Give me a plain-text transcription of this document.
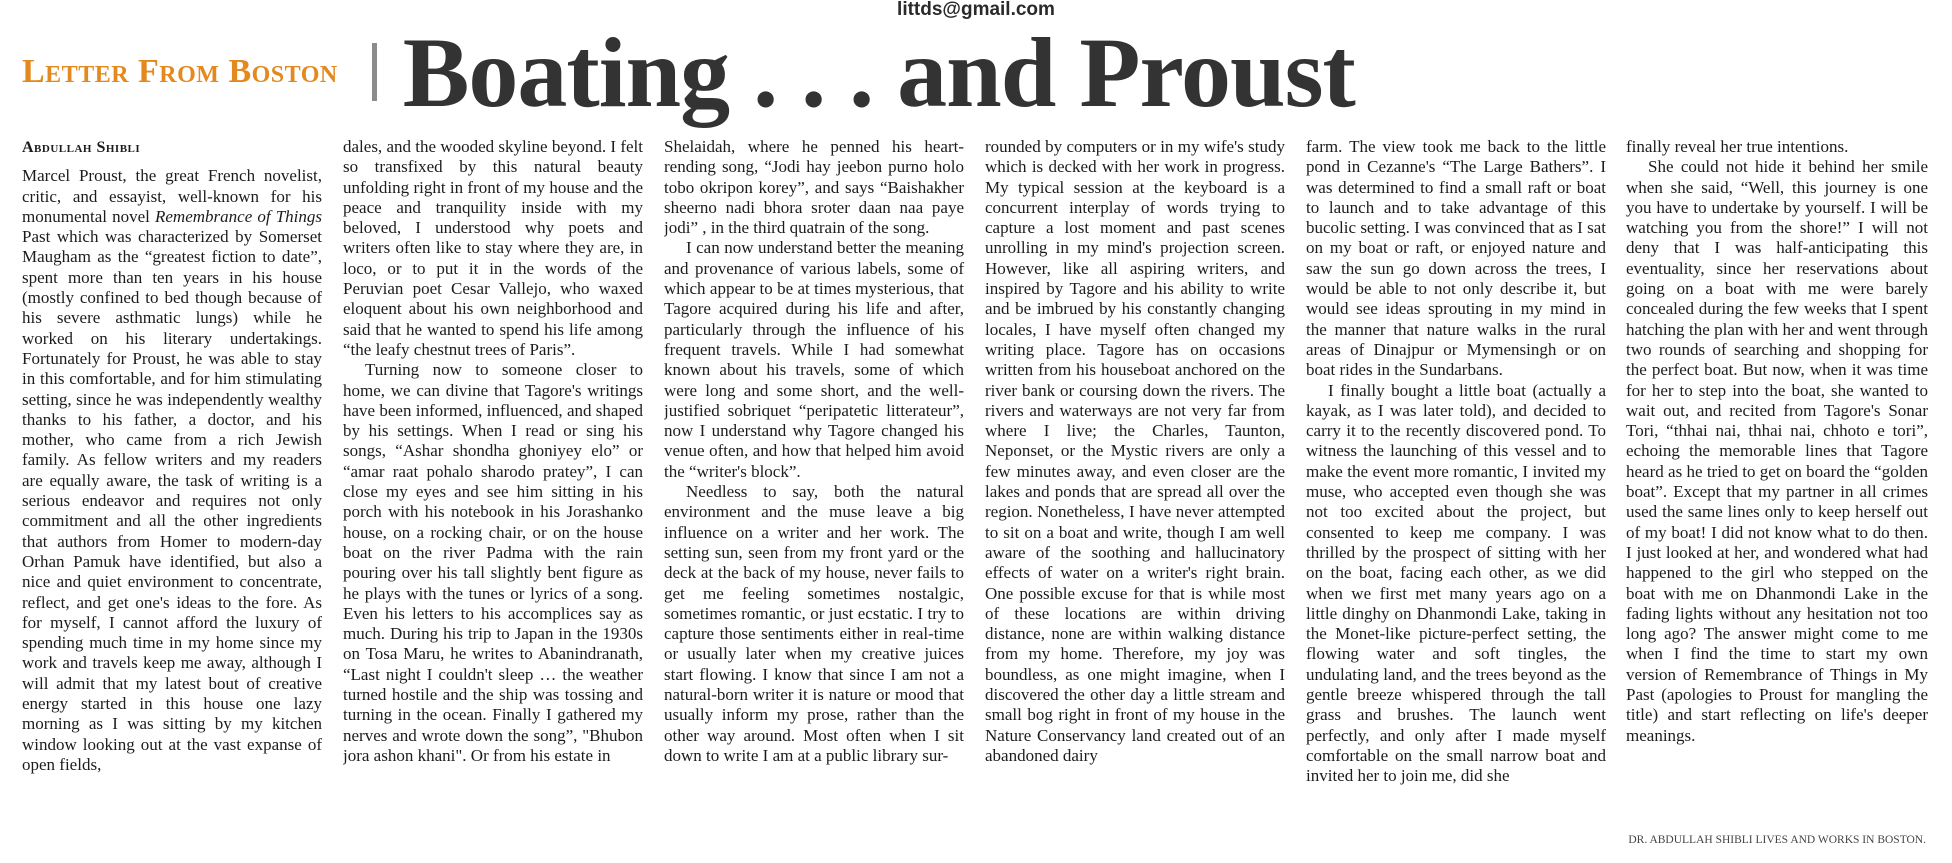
littds@gmail.com
Letter From Boston Boating . . . and Proust

Abdullah Shibli

Marcel Proust, the great French novelist, critic, and essayist, well-known for his monumental novel Remembrance of Things Past which was characterized by Somerset Maugham as the “greatest fiction to date”, spent more than ten years in his house (mostly confined to bed though because of his severe asthmatic lungs) while he worked on his literary undertakings. Fortunately for Proust, he was able to stay in this comfortable, and for him stimulating setting, since he was independently wealthy thanks to his father, a doctor, and his mother, who came from a rich Jewish family. As fellow writers and my readers are equally aware, the task of writing is a serious endeavor and requires not only commitment and all the other ingredients that authors from Homer to modern-day Orhan Pamuk have identified, but also a nice and quiet environment to concentrate, reflect, and get one's ideas to the fore. As for myself, I cannot afford the luxury of spending much time in my home since my work and travels keep me away, although I will admit that my latest bout of creative energy started in this house one lazy morning as I was sitting by my kitchen window looking out at the vast expanse of open fields,

dales, and the wooded skyline beyond. I felt so transfixed by this natural beauty unfolding right in front of my house and the peace and tranquility inside with my beloved, I understood why poets and writers often like to stay where they are, in loco, or to put it in the words of the Peruvian poet Cesar Vallejo, who waxed eloquent about his own neighborhood and said that he wanted to spend his life among “the leafy chestnut trees of Paris”.

Turning now to someone closer to home, we can divine that Tagore's writings have been informed, influenced, and shaped by his settings. When I read or sing his songs, “Ashar shondha ghoniyey elo” or “amar raat pohalo sharodo pratey”, I can close my eyes and see him sitting in his porch with his notebook in his Jorashanko house, on a rocking chair, or on the house boat on the river Padma with the rain pouring over his tall slightly bent figure as he plays with the tunes or lyrics of a song. Even his letters to his accomplices say as much. During his trip to Japan in the 1930s on Tosa Maru, he writes to Abanindranath, “Last night I couldn't sleep … the weather turned hostile and the ship was tossing and turning in the ocean. Finally I gathered my nerves and wrote down the song”, "Bhubon jora ashon khani". Or from his estate in

Shelaidah, where he penned his heart-rending song, “Jodi hay jeebon purno holo tobo okripon korey”, and says “Baishakher sheerno nadi bhora sroter daan naa paye jodi” , in the third quatrain of the song.

I can now understand better the meaning and provenance of various labels, some of which appear to be at times mysterious, that Tagore acquired during his life and after, particularly through the influence of his frequent travels. While I had somewhat known about his travels, some of which were long and some short, and the well-justified sobriquet “peripatetic litterateur”, now I understand why Tagore changed his venue often, and how that helped him avoid the “writer's block”.

Needless to say, both the natural environment and the muse leave a big influence on a writer and her work. The setting sun, seen from my front yard or the deck at the back of my house, never fails to get me feeling sometimes nostalgic, sometimes romantic, or just ecstatic. I try to capture those sentiments either in real-time or usually later when my creative juices start flowing. I know that since I am not a natural-born writer it is nature or mood that usually inform my prose, rather than the other way around. Most often when I sit down to write I am at a public library sur-

rounded by computers or in my wife's study which is decked with her work in progress. My typical session at the keyboard is a concurrent interplay of words trying to capture a lost moment and past scenes unrolling in my mind's projection screen. However, like all aspiring writers, and inspired by Tagore and his ability to write and be imbrued by his constantly changing locales, I have myself often changed my writing place. Tagore has on occasions written from his houseboat anchored on the river bank or coursing down the rivers. The rivers and waterways are not very far from where I live; the Charles, Taunton, Neponset, or the Mystic rivers are only a few minutes away, and even closer are the lakes and ponds that are spread all over the region. Nonetheless, I have never attempted to sit on a boat and write, though I am well aware of the soothing and hallucinatory effects of water on a writer's right brain. One possible excuse for that is while most of these locations are within driving distance, none are within walking distance from my home. Therefore, my joy was boundless, as one might imagine, when I discovered the other day a little stream and small bog right in front of my house in the Nature Conservancy land created out of an abandoned dairy

farm. The view took me back to the little pond in Cezanne's “The Large Bathers”. I was determined to find a small raft or boat to launch and to take advantage of this bucolic setting. I was convinced that as I sat on my boat or raft, or enjoyed nature and saw the sun go down across the trees, I would be able to not only describe it, but would see ideas sprouting in my mind in the manner that nature walks in the rural areas of Dinajpur or Mymensingh or on boat rides in the Sundarbans.

I finally bought a little boat (actually a kayak, as I was later told), and decided to carry it to the recently discovered pond. To witness the launching of this vessel and to make the event more romantic, I invited my muse, who accepted even though she was not too excited about the project, but consented to keep me company. I was thrilled by the prospect of sitting with her on the boat, facing each other, as we did when we first met many years ago on a little dinghy on Dhanmondi Lake, taking in the Monet-like picture-perfect setting, the flowing water and soft tingles, the undulating land, and the trees beyond as the gentle breeze whispered through the tall grass and brushes. The launch went perfectly, and only after I made myself comfortable on the small narrow boat and invited her to join me, did she

finally reveal her true intentions.

She could not hide it behind her smile when she said, “Well, this journey is one you have to undertake by yourself. I will be watching you from the shore!” I will not deny that I was half-anticipating this eventuality, since her reservations about going on a boat with me were barely concealed during the few weeks that I spent hatching the plan with her and went through two rounds of searching and shopping for the perfect boat. But now, when it was time for her to step into the boat, she wanted to wait out, and recited from Tagore's Sonar Tori, “thhai nai, thhai nai, chhoto e tori”, echoing the memorable lines that Tagore heard as he tried to get on board the “golden boat”. Except that my partner in all crimes used the same lines only to keep herself out of my boat! I did not know what to do then. I just looked at her, and wondered what had happened to the girl who stepped on the boat with me on Dhanmondi Lake in the fading lights without any hesitation not too long ago? The answer might come to me when I find the time to start my own version of Remembrance of Things in My Past (apologies to Proust for mangling the title) and start reflecting on life's deeper meanings.

DR. ABDULLAH SHIBLI LIVES AND WORKS IN BOSTON.
